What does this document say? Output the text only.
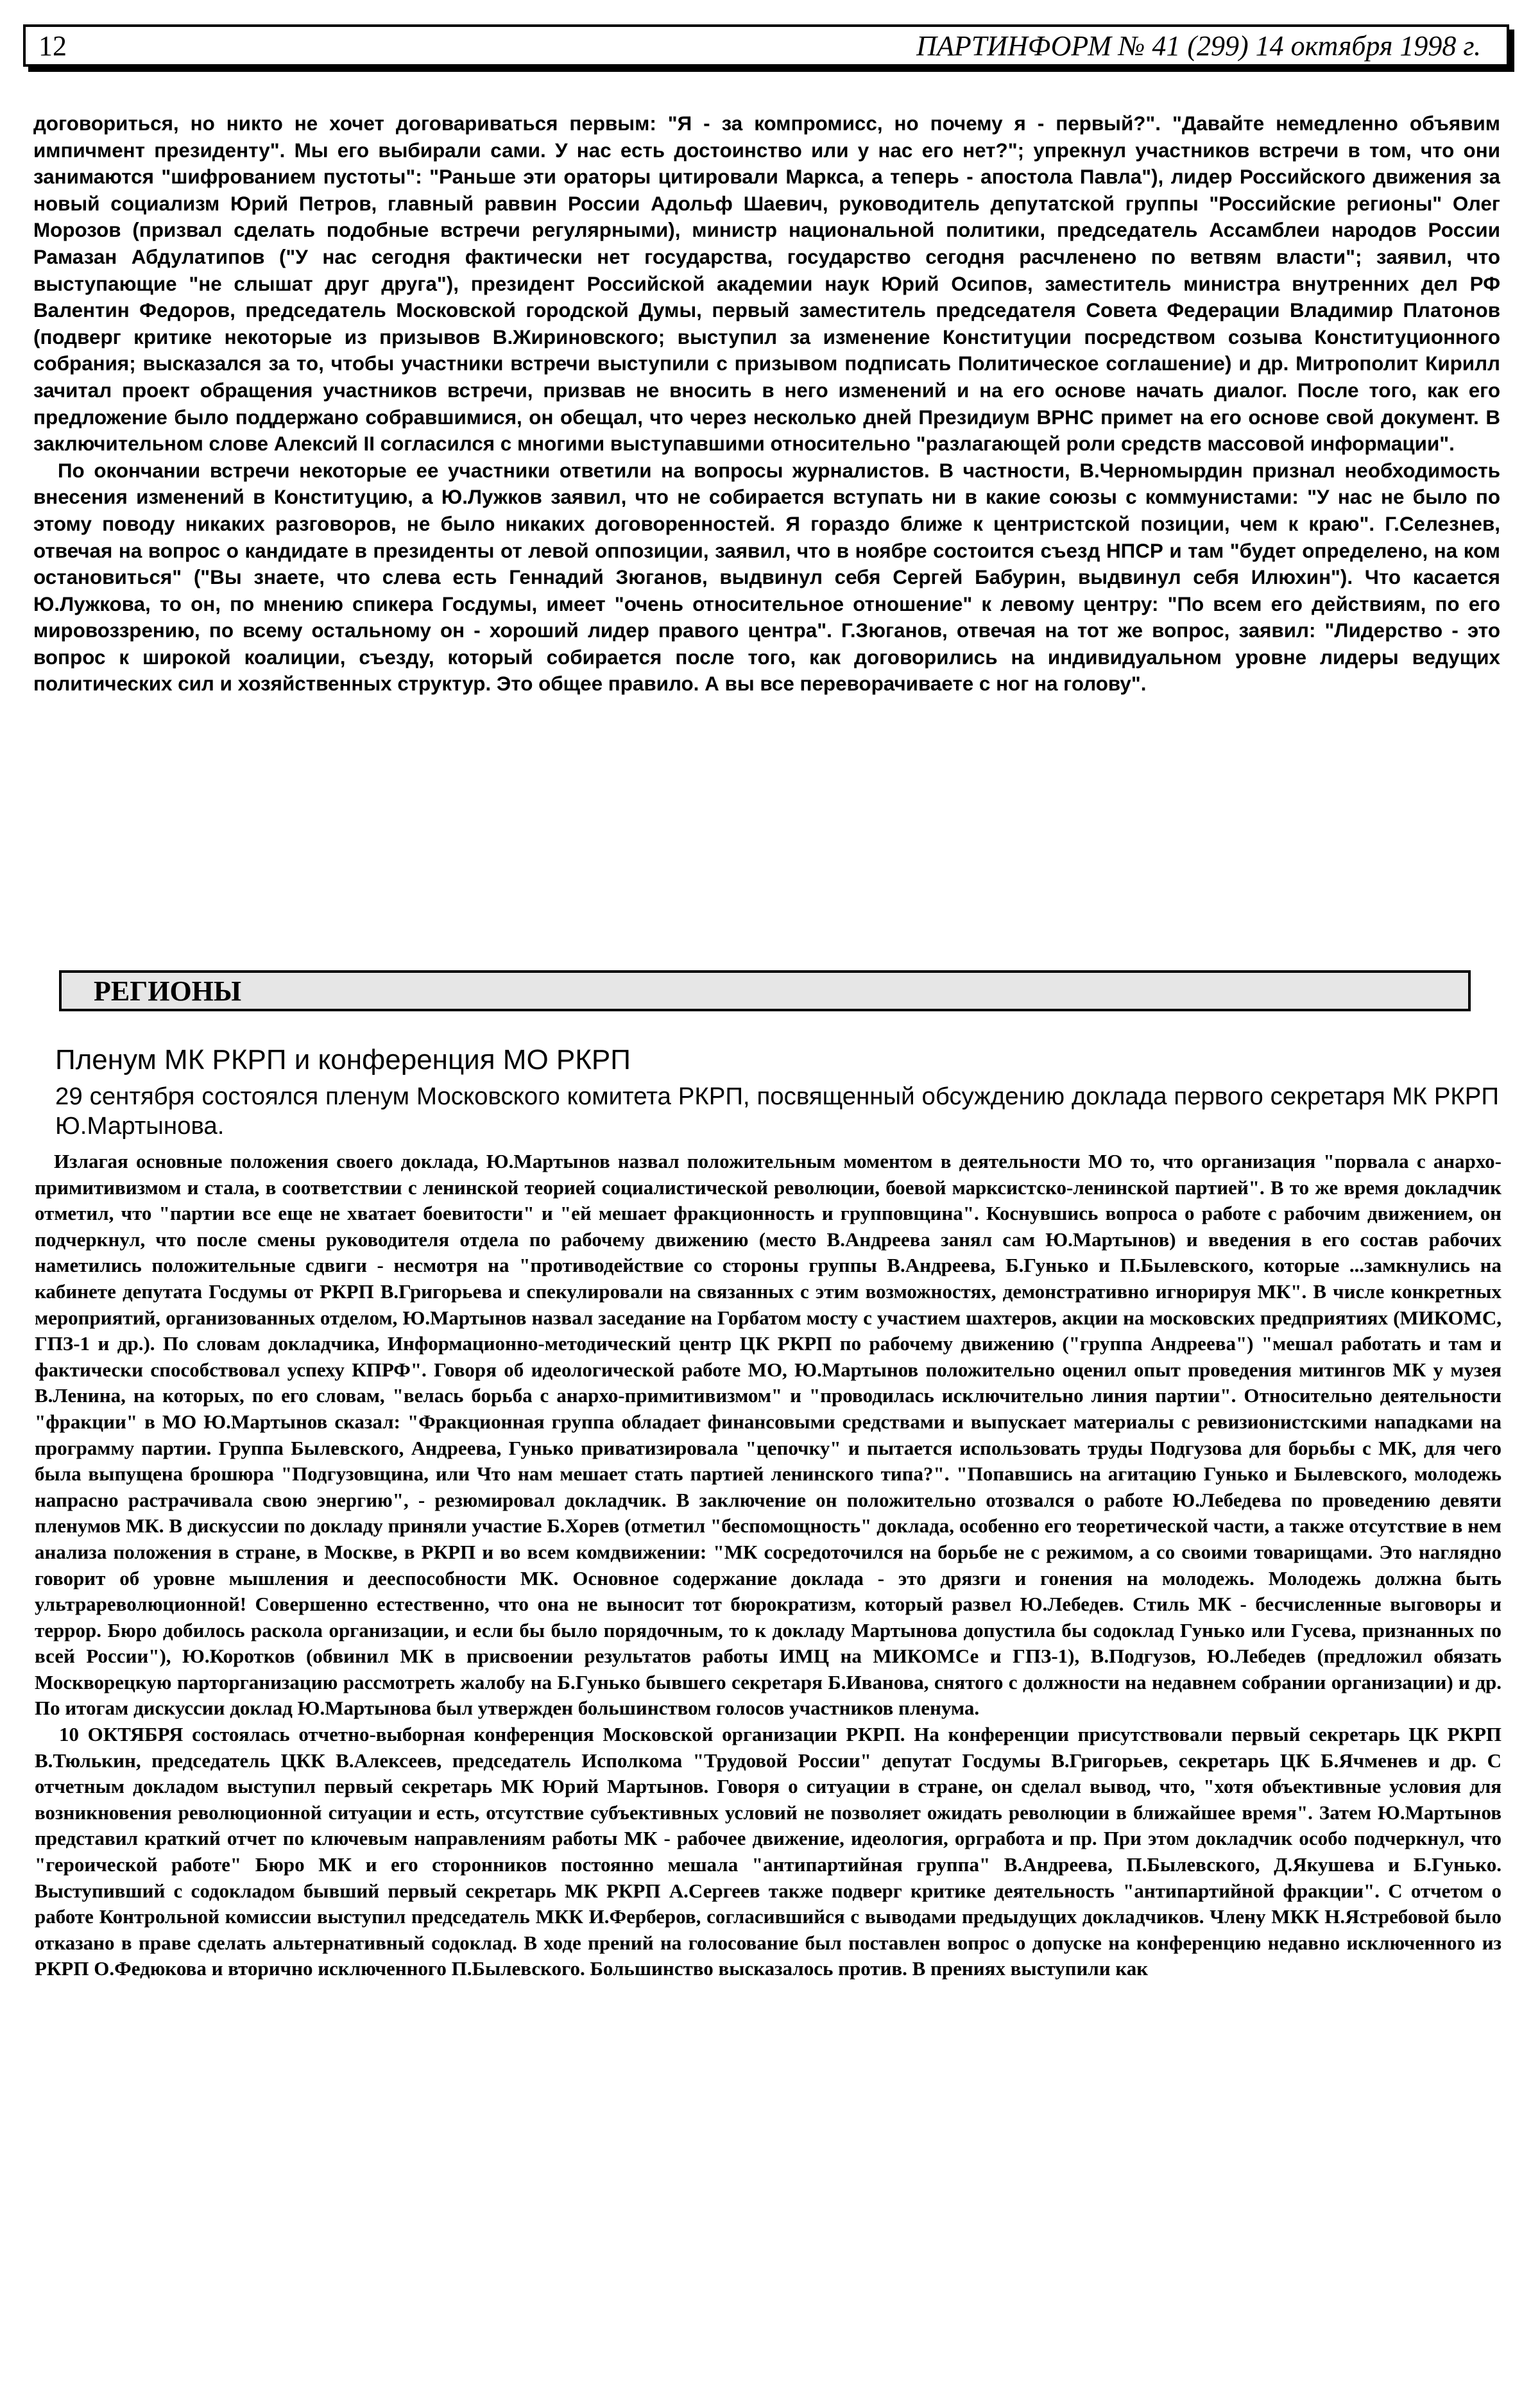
12	ПАРТИНФОРМ № 41 (299) 14 октября 1998 г.

договориться, но никто не хочет договариваться первым: "Я - за компромисс, но почему я - первый?". "Давайте немедленно объявим импичмент президенту". Мы его выбирали сами. У нас есть достоинство или у нас его нет?"; упрекнул участников встречи в том, что они занимаются "шифрованием пустоты": "Раньше эти ораторы цитировали Маркса, а теперь - апостола Павла"), лидер Российского движения за новый социализм Юрий Петров, главный раввин России Адольф Шаевич, руководитель депутатской группы "Российские регионы" Олег Морозов (призвал сделать подобные встречи регулярными), министр национальной политики, председатель Ассамблеи народов России Рамазан Абдулатипов ("У нас сегодня фактически нет государства, государство сегодня расчленено по ветвям власти"; заявил, что выступающие "не слышат друг друга"), президент Российской академии наук Юрий Осипов, заместитель министра внутренних дел РФ Валентин Федоров, председатель Московской городской Думы, первый заместитель председателя Совета Федерации Владимир Платонов (подверг критике некоторые из призывов В.Жириновского; выступил за изменение Конституции посредством созыва Конституционного собрания; высказался за то, чтобы участники встречи выступили с призывом подписать Политическое соглашение) и др. Митрополит Кирилл зачитал проект обращения участников встречи, призвав не вносить в него изменений и на его основе начать диалог. После того, как его предложение было поддержано собравшимися, он обещал, что через несколько дней Президиум ВРНС примет на его основе свой документ. В заключительном слове Алексий II согласился с многими выступавшими относительно "разлагающей роли средств массовой информации".

По окончании встречи некоторые ее участники ответили на вопросы журналистов. В частности, В.Черномырдин признал необходимость внесения изменений в Конституцию, а Ю.Лужков заявил, что не собирается вступать ни в какие союзы с коммунистами: "У нас не было по этому поводу никаких разговоров, не было никаких договоренностей. Я гораздо ближе к центристской позиции, чем к краю". Г.Селезнев, отвечая на вопрос о кандидате в президенты от левой оппозиции, заявил, что в ноябре состоится съезд НПСР и там "будет определено, на ком остановиться" ("Вы знаете, что слева есть Геннадий Зюганов, выдвинул себя Сергей Бабурин, выдвинул себя Илюхин"). Что касается Ю.Лужкова, то он, по мнению спикера Госдумы, имеет "очень относительное отношение" к левому центру: "По всем его действиям, по его мировоззрению, по всему остальному он - хороший лидер правого центра". Г.Зюганов, отвечая на тот же вопрос, заявил: "Лидерство - это вопрос к широкой коалиции, съезду, который собирается после того, как договорились на индивидуальном уровне лидеры ведущих политических сил и хозяйственных структур. Это общее правило. А вы все переворачиваете с ног на голову".

РЕГИОНЫ
Пленум МК РКРП и конференция МО РКРП
29 сентября состоялся пленум Московского комитета РКРП, посвященный обсуждению доклада первого секретаря МК РКРП Ю.Мартынова.

Излагая основные положения своего доклада, Ю.Мартынов назвал положительным моментом в деятельности МО то, что организация "порвала с анархо-примитивизмом и стала, в соответствии с ленинской теорией социалистической революции, боевой марксистско-ленинской партией". В то же время докладчик отметил, что "партии все еще не хватает боевитости" и "ей мешает фракционность и групповщина". Коснувшись вопроса о работе с рабочим движением, он подчеркнул, что после смены руководителя отдела по рабочему движению (место В.Андреева занял сам Ю.Мартынов) и введения в его состав рабочих наметились положительные сдвиги - несмотря на "противодействие со стороны группы В.Андреева, Б.Гунько и П.Былевского, которые ...замкнулись на кабинете депутата Госдумы от РКРП В.Григорьева и спекулировали на связанных с этим возможностях, демонстративно игнорируя МК". В числе конкретных мероприятий, организованных отделом, Ю.Мартынов назвал заседание на Горбатом мосту с участием шахтеров, акции на московских предприятиях (МИКОМС, ГПЗ-1 и др.). По словам докладчика, Информационно-методический центр ЦК РКРП по рабочему движению ("группа Андреева") "мешал работать и там и фактически способствовал успеху КПРФ". Говоря об идеологической работе МО, Ю.Мартынов положительно оценил опыт проведения митингов МК у музея В.Ленина, на которых, по его словам, "велась борьба с анархо-примитивизмом" и "проводилась исключительно линия партии". Относительно деятельности "фракции" в МО Ю.Мартынов сказал: "Фракционная группа обладает финансовыми средствами и выпускает материалы с ревизионистскими нападками на программу партии. Группа Былевского, Андреева, Гунько приватизировала "цепочку" и пытается использовать труды Подгузова для борьбы с МК, для чего была выпущена брошюра "Подгузовщина, или Что нам мешает стать партией ленинского типа?". "Попавшись на агитацию Гунько и Былевского, молодежь напрасно растрачивала свою энергию", - резюмировал докладчик. В заключение он положительно отозвался о работе Ю.Лебедева по проведению девяти пленумов МК. В дискуссии по докладу приняли участие Б.Хорев (отметил "беспомощность" доклада, особенно его теоретической части, а также отсутствие в нем анализа положения в стране, в Москве, в РКРП и во всем комдвижении: "МК сосредоточился на борьбе не с режимом, а со своими товарищами. Это наглядно говорит об уровне мышления и дееспособности МК. Основное содержание доклада - это дрязги и гонения на молодежь. Молодежь должна быть ультрареволюционной! Совершенно естественно, что она не выносит тот бюрократизм, который развел Ю.Лебедев. Стиль МК - бесчисленные выговоры и террор. Бюро добилось раскола организации, и если бы было порядочным, то к докладу Мартынова допустила бы содоклад Гунько или Гусева, признанных по всей России"), Ю.Коротков (обвинил МК в присвоении результатов работы ИМЦ на МИКОМСе и ГПЗ-1), В.Подгузов, Ю.Лебедев (предложил обязать Москворецкую парторганизацию рассмотреть жалобу на Б.Гунько бывшего секретаря Б.Иванова, снятого с должности на недавнем собрании организации) и др. По итогам дискуссии доклад Ю.Мартынова был утвержден большинством голосов участников пленума.

10 ОКТЯБРЯ состоялась отчетно-выборная конференция Московской организации РКРП. На конференции присутствовали первый секретарь ЦК РКРП В.Тюлькин, председатель ЦКК В.Алексеев, председатель Исполкома "Трудовой России" депутат Госдумы В.Григорьев, секретарь ЦК Б.Ячменев и др. С отчетным докладом выступил первый секретарь МК Юрий Мартынов. Говоря о ситуации в стране, он сделал вывод, что, "хотя объективные условия для возникновения революционной ситуации и есть, отсутствие субъективных условий не позволяет ожидать революции в ближайшее время". Затем Ю.Мартынов представил краткий отчет по ключевым направлениям работы МК - рабочее движение, идеология, оргработа и пр. При этом докладчик особо подчеркнул, что "героической работе" Бюро МК и его сторонников постоянно мешала "антипартийная группа" В.Андреева, П.Былевского, Д.Якушева и Б.Гунько. Выступивший с содокладом бывший первый секретарь МК РКРП А.Сергеев также подверг критике деятельность "антипартийной фракции". С отчетом о работе Контрольной комиссии выступил председатель МКК И.Ферберов, согласившийся с выводами предыдущих докладчиков. Члену МКК Н.Ястребовой было отказано в праве сделать альтернативный содоклад. В ходе прений на голосование был поставлен вопрос о допуске на конференцию недавно исключенного из РКРП О.Федюкова и вторично исключенного П.Былевского. Большинство высказалось против. В прениях выступили как
